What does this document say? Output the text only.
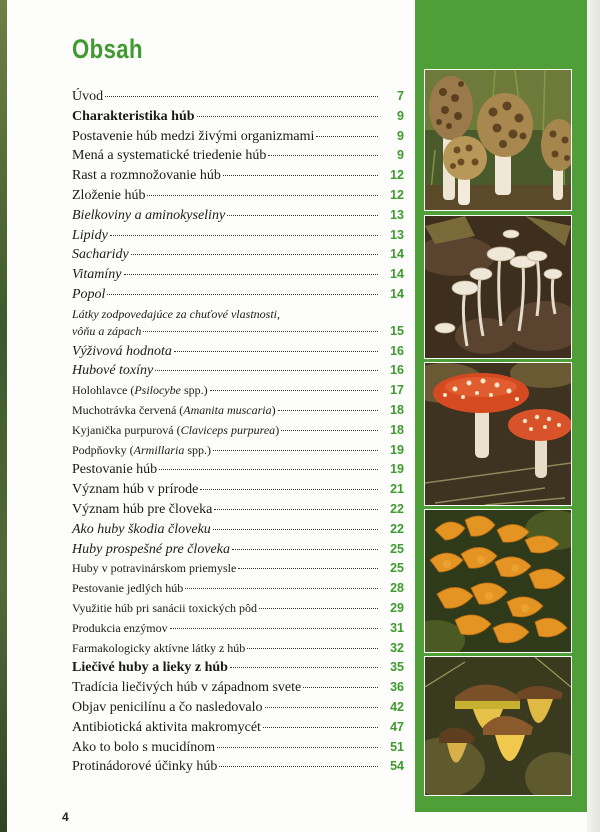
Obsah
Úvod	7
Charakteristika húb	9
Postavenie húb medzi živými organizmami	9
Mená a systematické triedenie húb	9
Rast a rozmnožovanie húb	12
Zloženie húb	12
Bielkoviny a aminokyseliny	13
Lipidy	13
Sacharidy	14
Vitamíny	14
Popol	14
Látky zodpovedajúce za chuťové vlastnosti,
vôňu a zápach	15
Výživová hodnota	16
Hubové toxíny	16
Holohlavce (Psilocybe spp.)	17
Muchotrávka červená (Amanita muscaria)	18
Kyjanička purpurová (Claviceps purpurea)	18
Podpňovky (Armillaria spp.)	19
Pestovanie húb	19
Význam húb v prírode	21
Význam húb pre človeka	22
Ako huby škodia človeku	22
Huby prospešné pre človeka	25
Huby v potravinárskom priemysle	25
Pestovanie jedlých húb	28
Využitie húb pri sanácii toxických pôd	29
Produkcia enzýmov	31
Farmakologicky aktívne látky z húb	32
Liečivé huby a lieky z húb	35
Tradícia liečivých húb v západnom svete	36
Objav penicilínu a čo nasledovalo	42
Antibiotická aktivita makromycét	47
Ako to bolo s mucidínom	51
Protinádorové účinky húb	54
4
